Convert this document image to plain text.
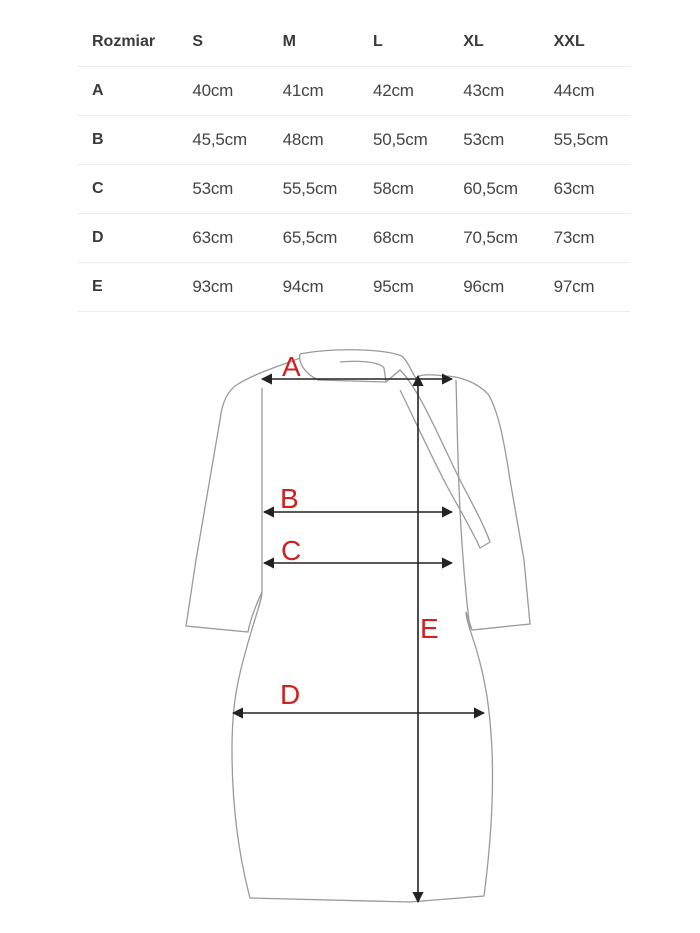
Rozmiar	S	M	L	XL	XXL
A	40cm	41cm	42cm	43cm	44cm
B	45,5cm	48cm	50,5cm	53cm	55,5cm
C	53cm	55,5cm	58cm	60,5cm	63cm
D	63cm	65,5cm	68cm	70,5cm	73cm
E	93cm	94cm	95cm	96cm	97cm
A
B
C
D
E
